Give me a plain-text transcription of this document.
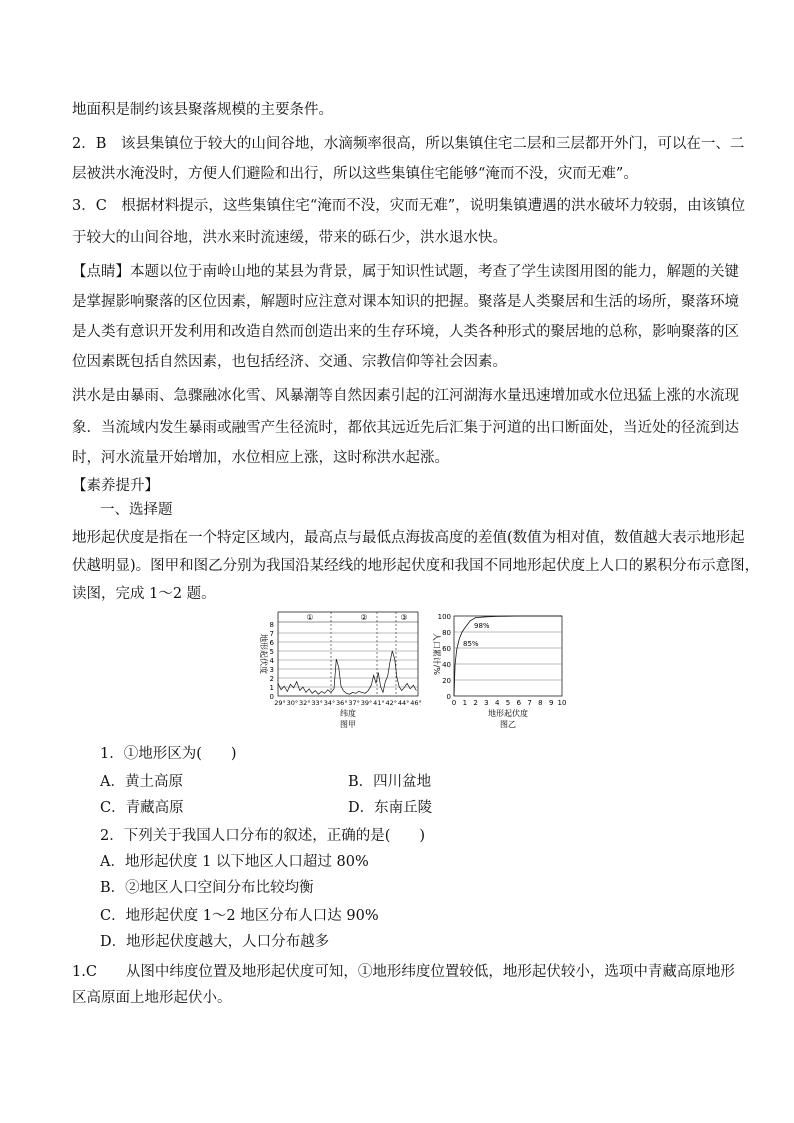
地面积是制约该县聚落规模的主要条件。
2．B　该县集镇位于较大的山间谷地，水滴频率很高，所以集镇住宅二层和三层都开外门，可以在一、二
层被洪水淹没时，方便人们避险和出行，所以这些集镇住宅能够“淹而不没，灾而无难”。
3．C　根据材料提示，这些集镇住宅“淹而不没，灾而无难”，说明集镇遭遇的洪水破坏力较弱，由该镇位
于较大的山间谷地，洪水来时流速缓，带来的砾石少，洪水退水快。
【点睛】本题以位于南岭山地的某县为背景，属于知识性试题，考查了学生读图用图的能力，解题的关键
是掌握影响聚落的区位因素，解题时应注意对课本知识的把握。聚落是人类聚居和生活的场所，聚落环境
是人类有意识开发利用和改造自然而创造出来的生存环境，人类各种形式的聚居地的总称，影响聚落的区
位因素既包括自然因素，也包括经济、交通、宗教信仰等社会因素。
洪水是由暴雨、急骤融冰化雪、风暴潮等自然因素引起的江河湖海水量迅速增加或水位迅猛上涨的水流现
象．当流域内发生暴雨或融雪产生径流时，都依其远近先后汇集于河道的出口断面处，当近处的径流到达
时，河水流量开始增加，水位相应上涨，这时称洪水起涨。
【素养提升】
一、选择题
地形起伏度是指在一个特定区域内，最高点与最低点海拔高度的差值(数值为相对值，数值越大表示地形起
伏越明显)。图甲和图乙分别为我国沿某经线的地形起伏度和我国不同地形起伏度上人口的累积分布示意图，
读图，完成 1～2 题。
地形起伏度
①	②	③
0
1
2
3
4
5
6
7
8
29° 30° 32° 33° 34° 36° 37° 39° 41° 42° 44° 46°
纬度
图甲
人口累计/%
0
20
40
60
80
100
0 1 2 3 4 5 6 7 8 9 10
98%
85%
地形起伏度
图乙
1．①地形区为(　　)
A．黄土高原	B．四川盆地
C．青藏高原	D．东南丘陵
2．下列关于我国人口分布的叙述，正确的是(　　)
A．地形起伏度 1 以下地区人口超过 80%
B．②地区人口空间分布比较均衡
C．地形起伏度 1～2 地区分布人口达 90%
D．地形起伏度越大，人口分布越多
1.C　　从图中纬度位置及地形起伏度可知，①地形纬度位置较低，地形起伏较小，选项中青藏高原地形
区高原面上地形起伏小。
